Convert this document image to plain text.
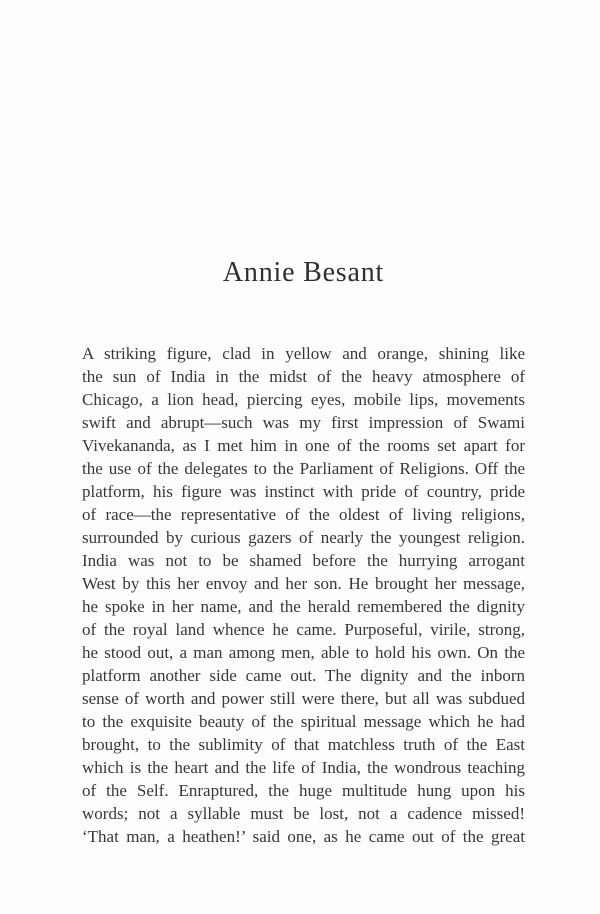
Annie Besant
A striking figure, clad in yellow and orange, shining like
the sun of India in the midst of the heavy atmosphere of
Chicago, a lion head, piercing eyes, mobile lips, movements
swift and abrupt—such was my first impression of Swami
Vivekananda, as I met him in one of the rooms set apart for
the use of the delegates to the Parliament of Religions. Off the
platform, his figure was instinct with pride of country, pride
of race—the representative of the oldest of living religions,
surrounded by curious gazers of nearly the youngest religion.
India was not to be shamed before the hurrying arrogant
West by this her envoy and her son. He brought her message,
he spoke in her name, and the herald remembered the dignity
of the royal land whence he came. Purposeful, virile, strong,
he stood out, a man among men, able to hold his own. On the
platform another side came out. The dignity and the inborn
sense of worth and power still were there, but all was subdued
to the exquisite beauty of the spiritual message which he had
brought, to the sublimity of that matchless truth of the East
which is the heart and the life of India, the wondrous teaching
of the Self. Enraptured, the huge multitude hung upon his
words; not a syllable must be lost, not a cadence missed!
‘That man, a heathen!’ said one, as he came out of the great
